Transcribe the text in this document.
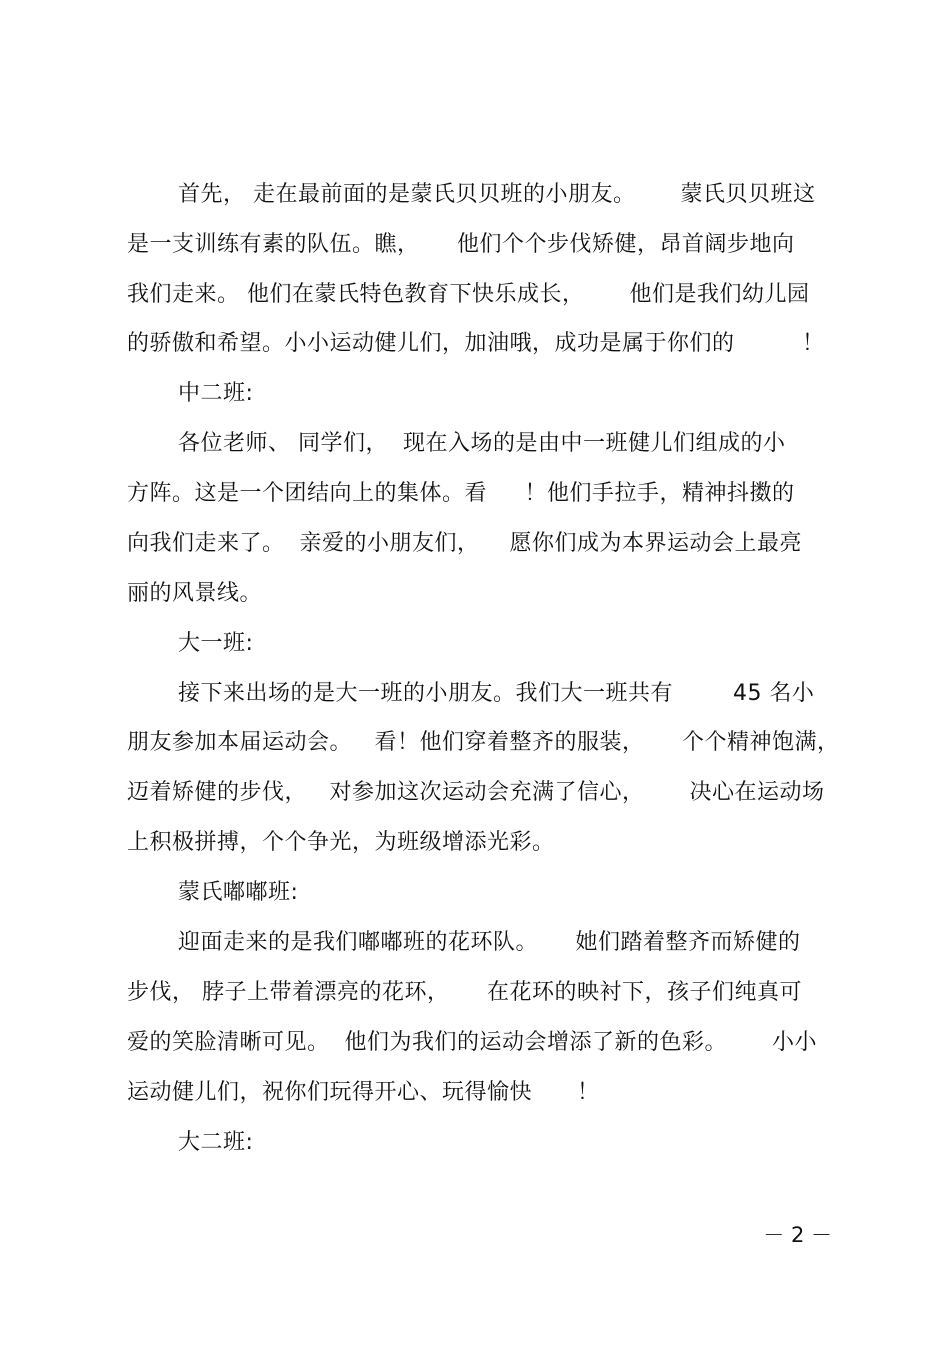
首先， 走在最前面的是蒙氏贝贝班的小朋友。      蒙氏贝贝班这
是一支训练有素的队伍。瞧，     他们个个步伐矫健，昂首阔步地向
我们走来。 他们在蒙氏特色教育下快乐成长，      他们是我们幼儿园
的骄傲和希望。小小运动健儿们，加油哦，成功是属于你们的         ！
中二班:
各位老师、 同学们，  现在入场的是由中一班健儿们组成的小
方阵。这是一个团结向上的集体。看     ！他们手拉手，精神抖擞的
向我们走来了。  亲爱的小朋友们，    愿你们成为本界运动会上最亮
丽的风景线。
大一班:
接下来出场的是大一班的小朋友。我们大一班共有        45 名小
朋友参加本届运动会。   看！他们穿着整齐的服装，     个个精神饱满，
迈着矫健的步伐，   对参加这次运动会充满了信心，      决心在运动场
上积极拼搏，个个争光，为班级增添光彩。
蒙氏嘟嘟班:
迎面走来的是我们嘟嘟班的花环队。     她们踏着整齐而矫健的
步伐， 脖子上带着漂亮的花环，     在花环的映衬下，孩子们纯真可
爱的笑脸清晰可见。  他们为我们的运动会增添了新的色彩。      小小
运动健儿们，祝你们玩得开心、玩得愉快      ！
大二班:
－ 2 －
